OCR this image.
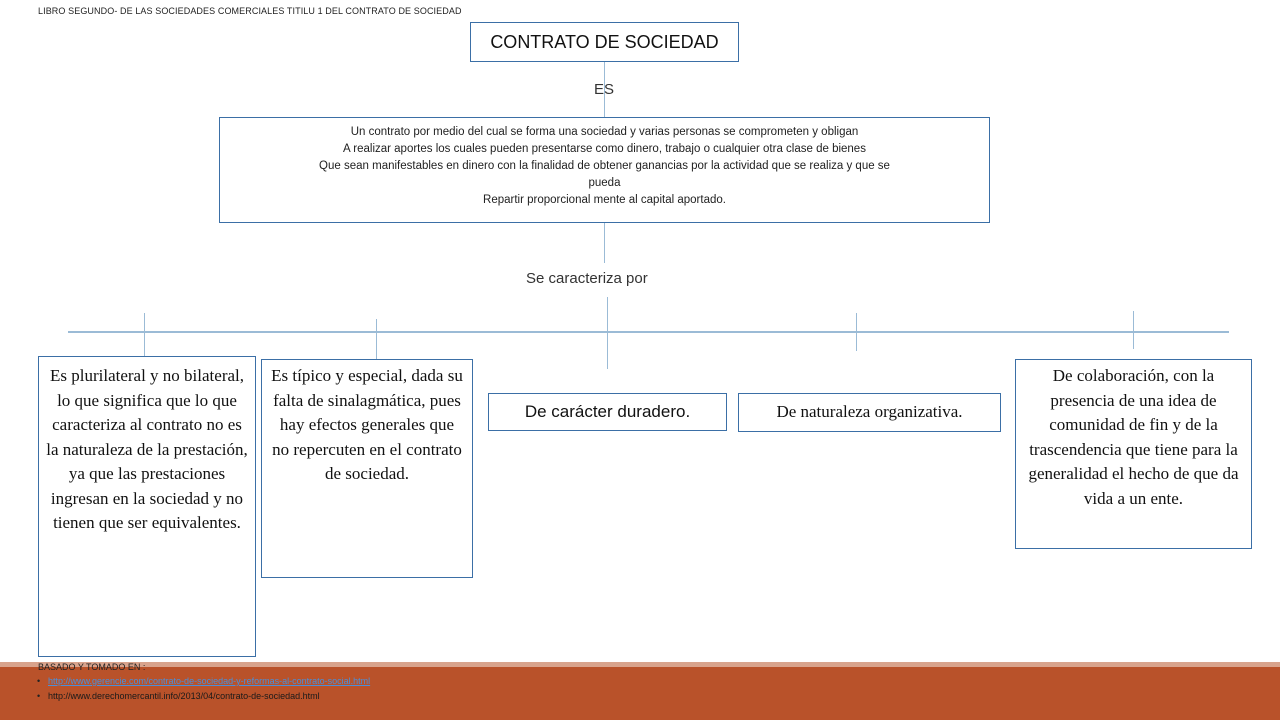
LIBRO SEGUNDO- DE LAS SOCIEDADES COMERCIALES TITILU 1 DEL CONTRATO DE SOCIEDAD
CONTRATO DE SOCIEDAD
ES
Un contrato por medio del cual se forma una sociedad y varias personas se comprometen y obligan
A realizar aportes los cuales pueden presentarse como dinero, trabajo o cualquier otra clase de bienes
Que sean manifestables en dinero con la finalidad de obtener ganancias por la actividad que se realiza y que se
pueda
Repartir proporcional mente al capital aportado.
Se caracteriza por
Es plurilateral y no bilateral, lo que significa que lo que caracteriza al contrato no es la naturaleza de la prestación, ya que las prestaciones ingresan en la sociedad y no tienen que ser equivalentes.
Es típico y especial, dada su falta de sinalagmática, pues hay efectos generales que no repercuten en el contrato de sociedad.
De carácter duradero.	De naturaleza organizativa.
De colaboración, con la presencia de una idea de comunidad de fin y de la trascendencia que tiene para la generalidad el hecho de que da vida a un ente.
BASADO Y TOMADO EN :
• http://www.gerencie.com/contrato-de-sociedad-y-reformas-al-contrato-social.html
• http://www.derechomercantil.info/2013/04/contrato-de-sociedad.html
